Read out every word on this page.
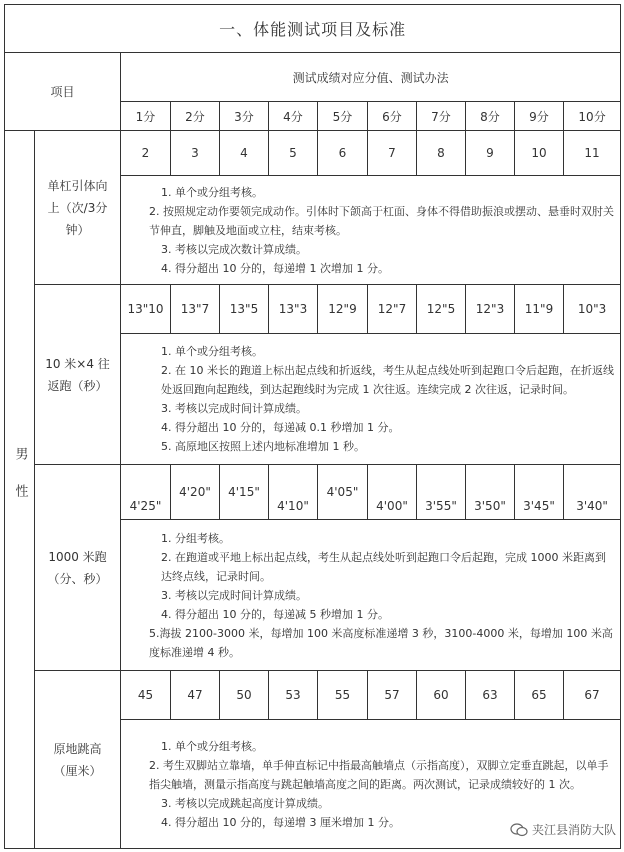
一、体能测试项目及标准											
项目		测试成绩对应分值、测试办法									
		1分	2分	3分	4分	5分	6分	7分	8分	9分	10分
男性	单杠引体向上（次/3分钟）	2	3	4	5	6	7	8	9	10	11

		1. 单个或分组考核。

2. 按照规定动作要领完成动作。引体时下颌高于杠面、身体不得借助振浪或摆动、悬垂时双肘关节伸直，脚触及地面或立柱，结束考核。

3. 考核以完成次数计算成绩。

4. 得分超出 10 分的，每递增 1 次增加 1 分。									

	10 米×4 往返跑（秒）	13"10	13"7	13"5	13"3	12"9	12"7	12"5	12"3	11"9	10"3

		1. 单个或分组考核。

2. 在 10 米长的跑道上标出起点线和折返线，考生从起点线处听到起跑口令后起跑，在折返线处返回跑向起跑线，到达起跑线时为完成 1 次往返。连续完成 2 次往返，记录时间。

3. 考核以完成时间计算成绩。

4. 得分超出 10 分的，每递减 0.1 秒增加 1 分。

5. 高原地区按照上述内地标准增加 1 秒。									

	1000 米跑（分、秒）	4'25"	4'20"	4'15"	4'10"	4'05"	4'00"	3'55"	3'50"	3'45"	3'40"

		1. 分组考核。

2. 在跑道或平地上标出起点线，考生从起点线处听到起跑口令后起跑，完成 1000 米距离到达终点线，记录时间。

3. 考核以完成时间计算成绩。

4. 得分超出 10 分的，每递减 5 秒增加 1 分。

5.海拔 2100-3000 米，每增加 100 米高度标准递增 3 秒，3100-4000 米，每增加 100 米高度标准递增 4 秒。									

	原地跳高（厘米）	45	47	50	53	55	57	60	63	65	67

		1. 单个或分组考核。

2. 考生双脚站立靠墙，单手伸直标记中指最高触墙点（示指高度），双脚立定垂直跳起，以单手指尖触墙，测量示指高度与跳起触墙高度之间的距离。两次测试，记录成绩较好的 1 次。

3. 考核以完成跳起高度计算成绩。

4. 得分超出 10 分的，每递增 3 厘米增加 1 分。									

夹江县消防大队
